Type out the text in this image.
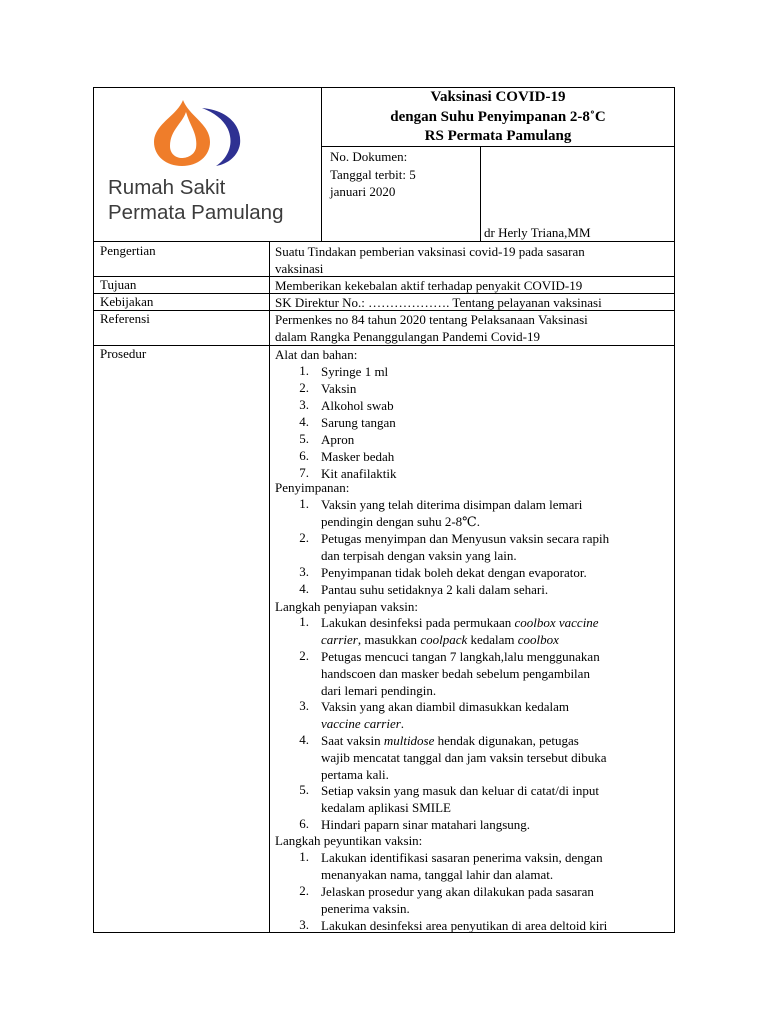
Rumah Sakit
Permata Pamulang
Vaksinasi COVID-19
dengan Suhu Penyimpanan 2-8˚C
RS Permata Pamulang
No. Dokumen:
Tanggal terbit: 5
januari 2020
dr Herly Triana,MM
Pengertian	Suatu Tindakan pemberian vaksinasi covid-19 pada sasaran
vaksinasi
Tujuan	Memberikan kekebalan aktif terhadap penyakit COVID-19
Kebijakan	SK Direktur No.: ………………. Tentang pelayanan vaksinasi
Referensi	Permenkes no 84 tahun 2020 tentang Pelaksanaan Vaksinasi
dalam Rangka Penanggulangan Pandemi Covid-19
Prosedur	Alat dan bahan:
1. Syringe 1 ml
2. Vaksin
3. Alkohol swab
4. Sarung tangan
5. Apron
6. Masker bedah
7. Kit anafilaktik
Penyimpanan:
1. Vaksin yang telah diterima disimpan dalam lemari
pendingin dengan suhu 2-8℃.
2. Petugas menyimpan dan Menyusun vaksin secara rapih
dan terpisah dengan vaksin yang lain.
3. Penyimpanan tidak boleh dekat dengan evaporator.
4. Pantau suhu setidaknya 2 kali dalam sehari.
Langkah penyiapan vaksin:
1. Lakukan desinfeksi pada permukaan coolbox vaccine
carrier, masukkan coolpack kedalam coolbox
2. Petugas mencuci tangan 7 langkah,lalu menggunakan
handscoen dan masker bedah sebelum pengambilan
dari lemari pendingin.
3. Vaksin yang akan diambil dimasukkan kedalam
vaccine carrier.
4. Saat vaksin multidose hendak digunakan, petugas
wajib mencatat tanggal dan jam vaksin tersebut dibuka
pertama kali.
5. Setiap vaksin yang masuk dan keluar di catat/di input
kedalam aplikasi SMILE
6. Hindari paparn sinar matahari langsung.
Langkah peyuntikan vaksin:
1. Lakukan identifikasi sasaran penerima vaksin, dengan
menanyakan nama, tanggal lahir dan alamat.
2. Jelaskan prosedur yang akan dilakukan pada sasaran
penerima vaksin.
3. Lakukan desinfeksi area penyutikan di area deltoid kiri
